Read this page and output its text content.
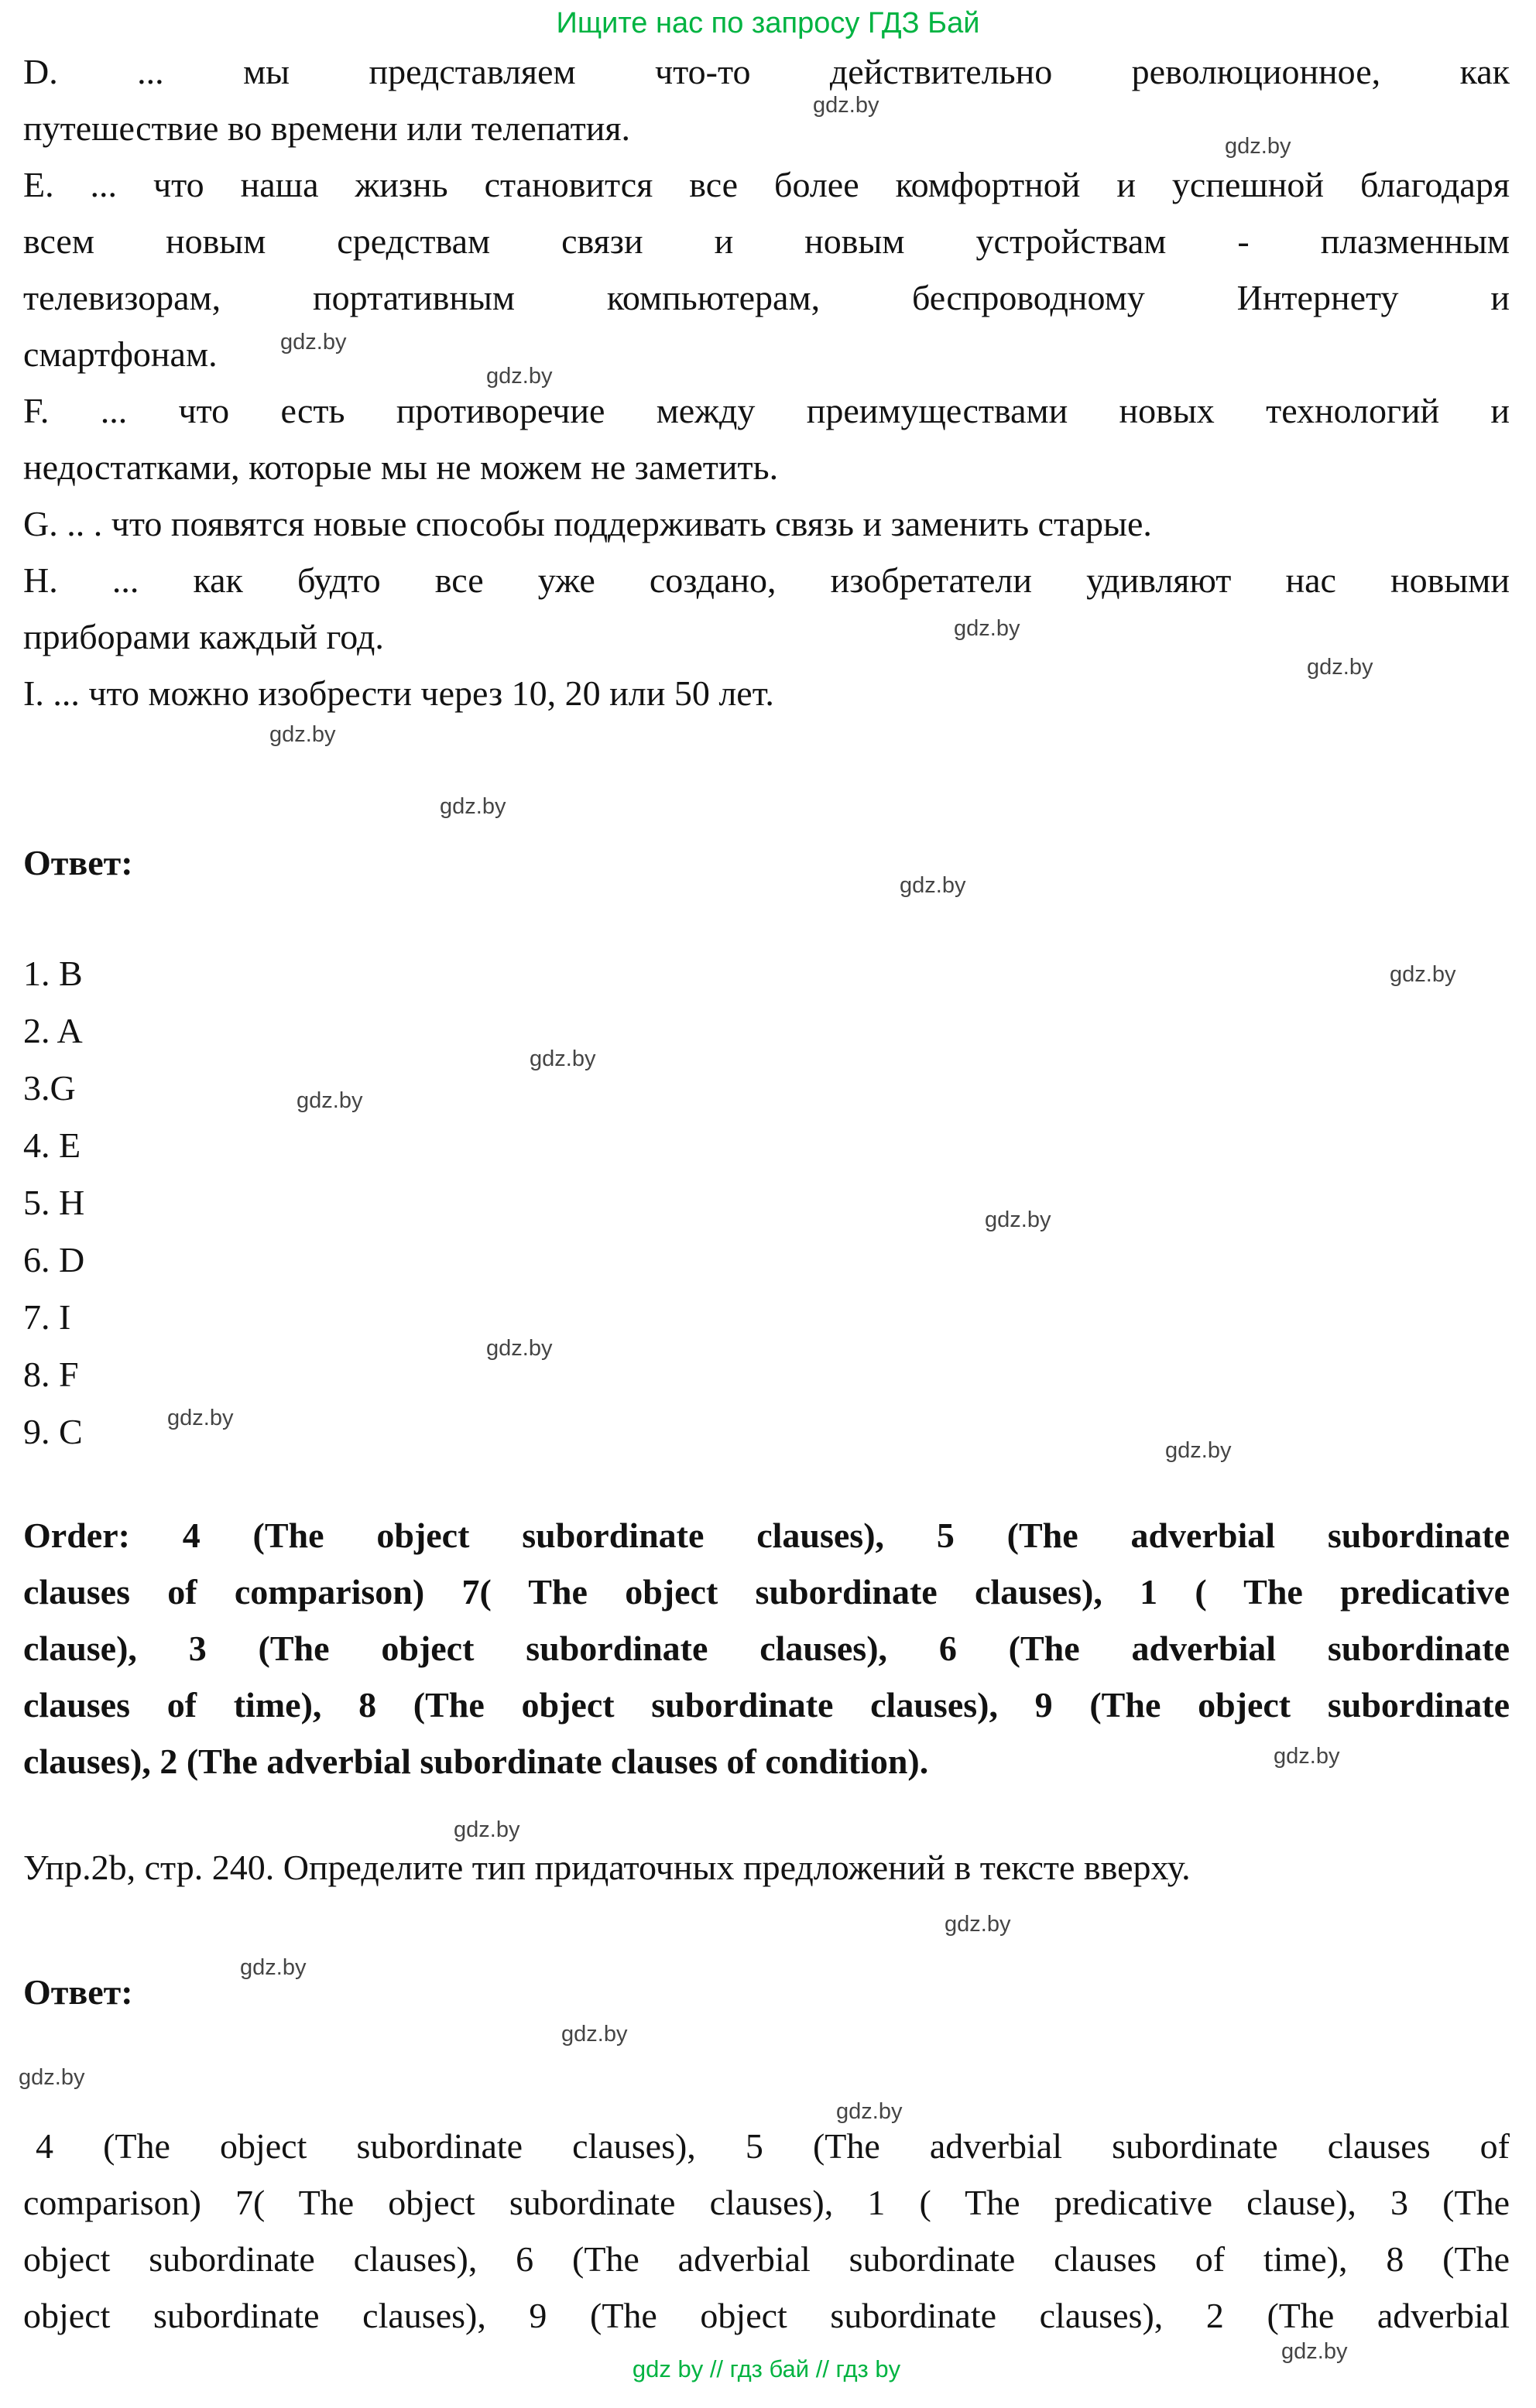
Ищите нас по запросу ГДЗ Бай

D. ... мы представляем что-то действительно революционное, как

путешествие во времени или телепатия.

E. ... что наша жизнь становится все более комфортной и успешной благодаря

всем новым средствам связи и новым устройствам - плазменным

телевизорам, портативным компьютерам, беспроводному Интернету и

смартфонам.

F. ... что есть противоречие между преимуществами новых технологий и

недостатками, которые мы не можем не заметить.

G. .. . что появятся новые способы поддерживать связь и заменить старые.

H. ... как будто все уже создано, изобретатели удивляют нас новыми

приборами каждый год.

I. ... что можно изобрести через 10, 20 или 50 лет.

Ответ:

1. B

2. A

3.G

4. E

5. H

6. D

7. I

8. F

9. C

Order: 4 (The object subordinate clauses), 5 (The adverbial subordinate

clauses of comparison) 7( The object subordinate clauses), 1 ( The predicative

clause), 3 (The object subordinate clauses), 6 (The adverbial subordinate

clauses of time), 8 (The object subordinate clauses), 9 (The object subordinate

clauses), 2 (The adverbial subordinate clauses of condition).

Упр.2b, стр. 240. Определите тип придаточных предложений в тексте вверху.

Ответ:

4 (The object subordinate clauses), 5 (The adverbial subordinate clauses of

comparison) 7( The object subordinate clauses), 1 ( The predicative clause), 3 (The

object subordinate clauses), 6 (The adverbial subordinate clauses of time), 8 (The

object subordinate clauses), 9 (The object subordinate clauses), 2 (The adverbial

gdz by // гдз бай // гдз by
gdz.by
gdz.by
gdz.by
gdz.by
gdz.by
gdz.by
gdz.by
gdz.by
gdz.by
gdz.by
gdz.by
gdz.by
gdz.by
gdz.by
gdz.by
gdz.by
gdz.by
gdz.by
gdz.by
gdz.by
gdz.by
gdz.by
gdz.by
gdz.by
